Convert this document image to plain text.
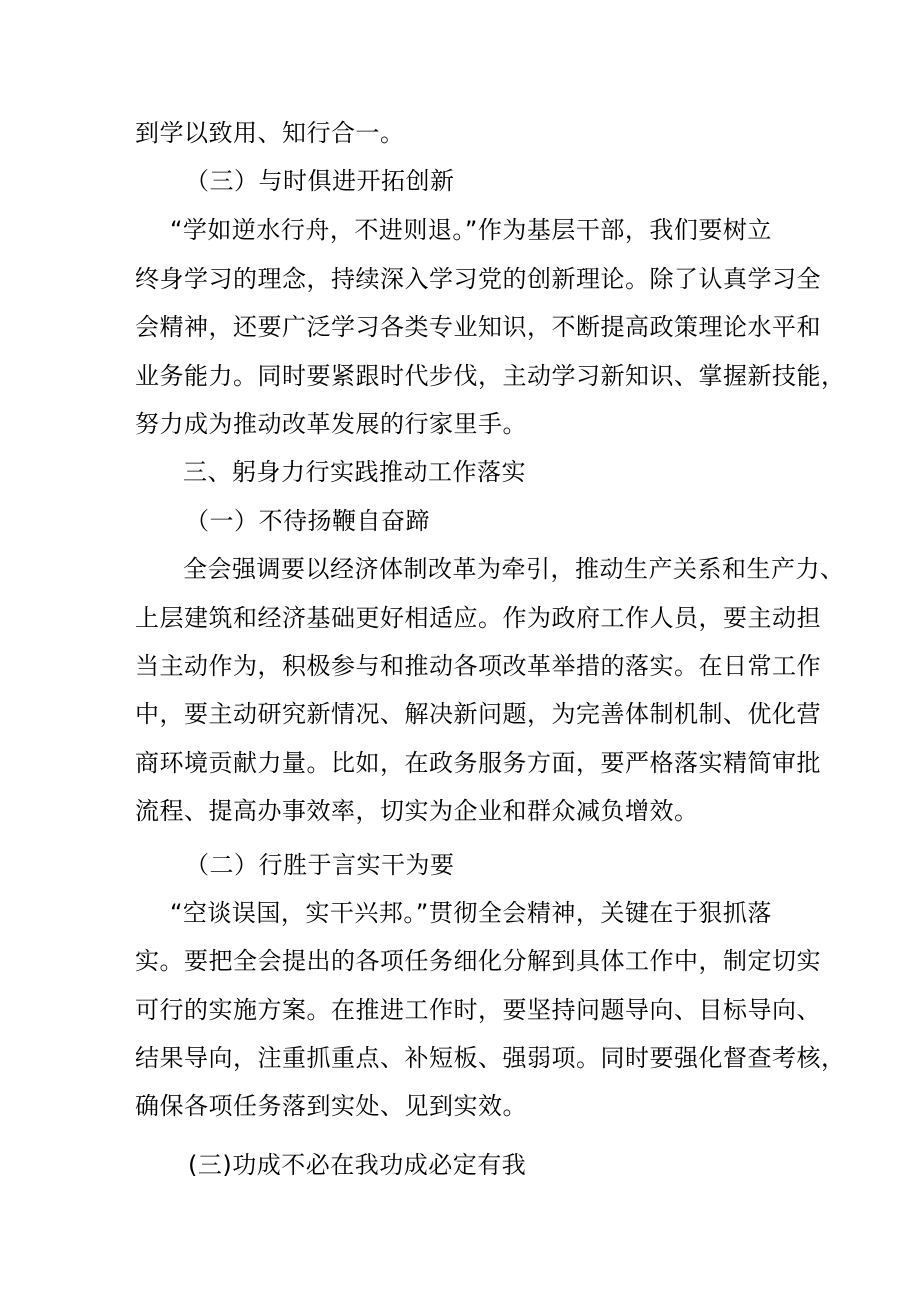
到学以致用、知行合一。
（三）与时俱进开拓创新
“学如逆水行舟，不进则退。”作为基层干部，我们要树立
终身学习的理念，持续深入学习党的创新理论。除了认真学习全
会精神，还要广泛学习各类专业知识，不断提高政策理论水平和
业务能力。同时要紧跟时代步伐，主动学习新知识、掌握新技能，
努力成为推动改革发展的行家里手。
三、躬身力行实践推动工作落实
（一）不待扬鞭自奋蹄
全会强调要以经济体制改革为牵引，推动生产关系和生产力、
上层建筑和经济基础更好相适应。作为政府工作人员，要主动担
当主动作为，积极参与和推动各项改革举措的落实。在日常工作
中，要主动研究新情况、解决新问题，为完善体制机制、优化营
商环境贡献力量。比如，在政务服务方面，要严格落实精简审批
流程、提高办事效率，切实为企业和群众减负增效。
（二）行胜于言实干为要
“空谈误国，实干兴邦。”贯彻全会精神，关键在于狠抓落
实。要把全会提出的各项任务细化分解到具体工作中，制定切实
可行的实施方案。在推进工作时，要坚持问题导向、目标导向、
结果导向，注重抓重点、补短板、强弱项。同时要强化督查考核，
确保各项任务落到实处、见到实效。
(三)功成不必在我功成必定有我
